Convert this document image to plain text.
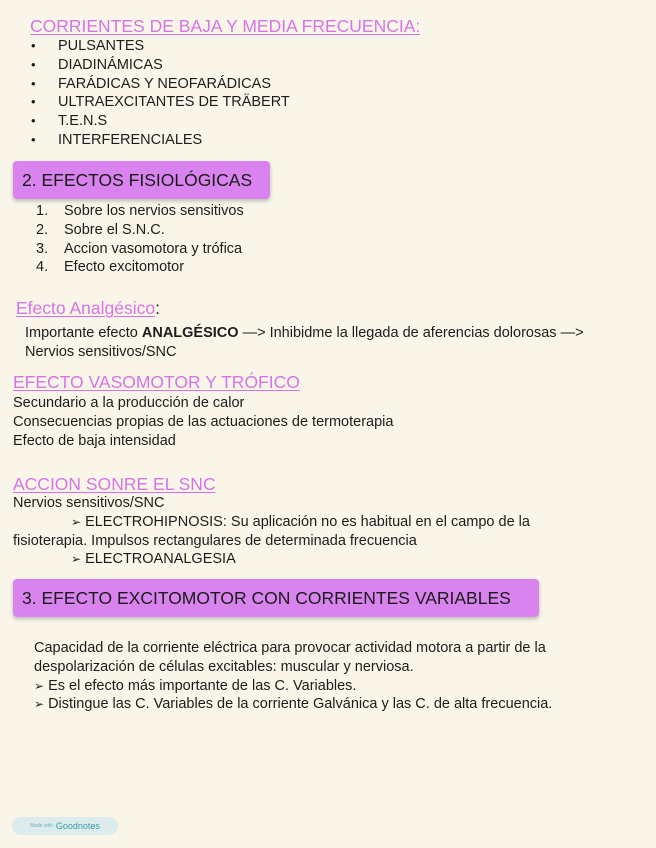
CORRIENTES DE BAJA Y MEDIA FRECUENCIA:
• PULSANTES
• DIADINÁMICAS
• FARÁDICAS Y NEOFARÁDICAS
• ULTRAEXCITANTES DE TRÄBERT
• T.E.N.S
• INTERFERENCIALES
2. EFECTOS FISIOLÓGICAS
1. Sobre los nervios sensitivos
2. Sobre el S.N.C.
3. Accion vasomotora y trófica
4. Efecto excitomotor
Efecto Analgésico:
Importante efecto ANALGÉSICO —> Inhibidme la llegada de aferencias dolorosas —>
Nervios sensitivos/SNC
EFECTO VASOMOTOR Y TRÓFICO
Secundario a la producción de calor
Consecuencias propias de las actuaciones de termoterapia
Efecto de baja intensidad
ACCION SONRE EL SNC
Nervios sensitivos/SNC
➢ ELECTROHIPNOSIS: Su aplicación no es habitual en el campo de la
fisioterapia. Impulsos rectangulares de determinada frecuencia
➢ ELECTROANALGESIA
3. EFECTO EXCITOMOTOR CON CORRIENTES VARIABLES
Capacidad de la corriente eléctrica para provocar actividad motora a partir de la
despolarización de células excitables: muscular y nerviosa.
➢ Es el efecto más importante de las C. Variables.
➢ Distingue las C. Variables de la corriente Galvánica y las C. de alta frecuencia.
Made with Goodnotes
